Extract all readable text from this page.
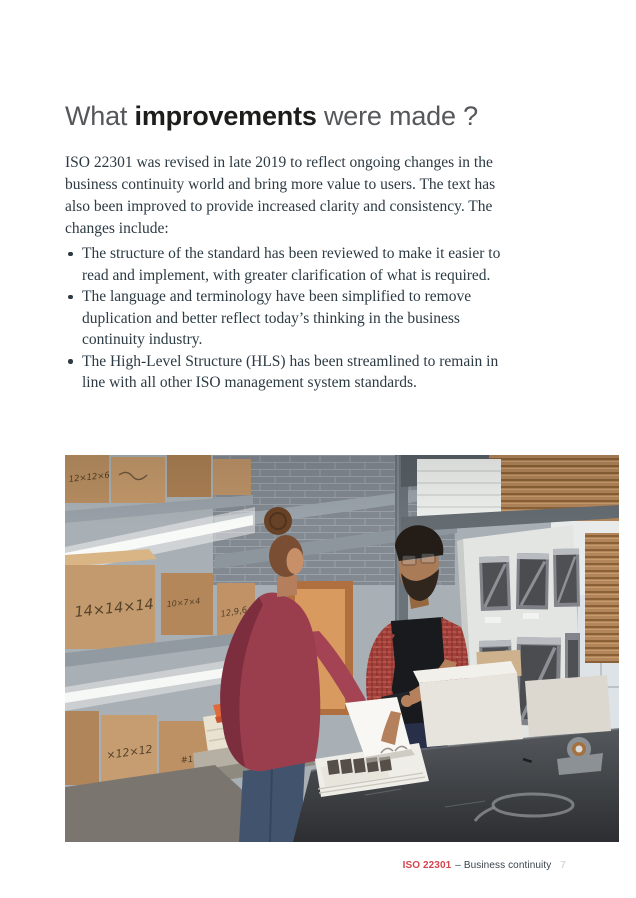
What improvements were made ?

ISO 22301 was revised in late 2019 to reflect ongoing changes in the business continuity world and bring more value to users. The text has also been improved to provide increased clarity and consistency. The changes include:

The structure of the standard has been reviewed to make it easier to read and implement, with greater clarification of what is required.
The language and terminology have been simplified to remove duplication and better reflect today’s thinking in the business continuity industry.
The High-Level Structure (HLS) has been streamlined to remain in line with all other ISO management system standards.
ISO 22301 – Business continuity 7
